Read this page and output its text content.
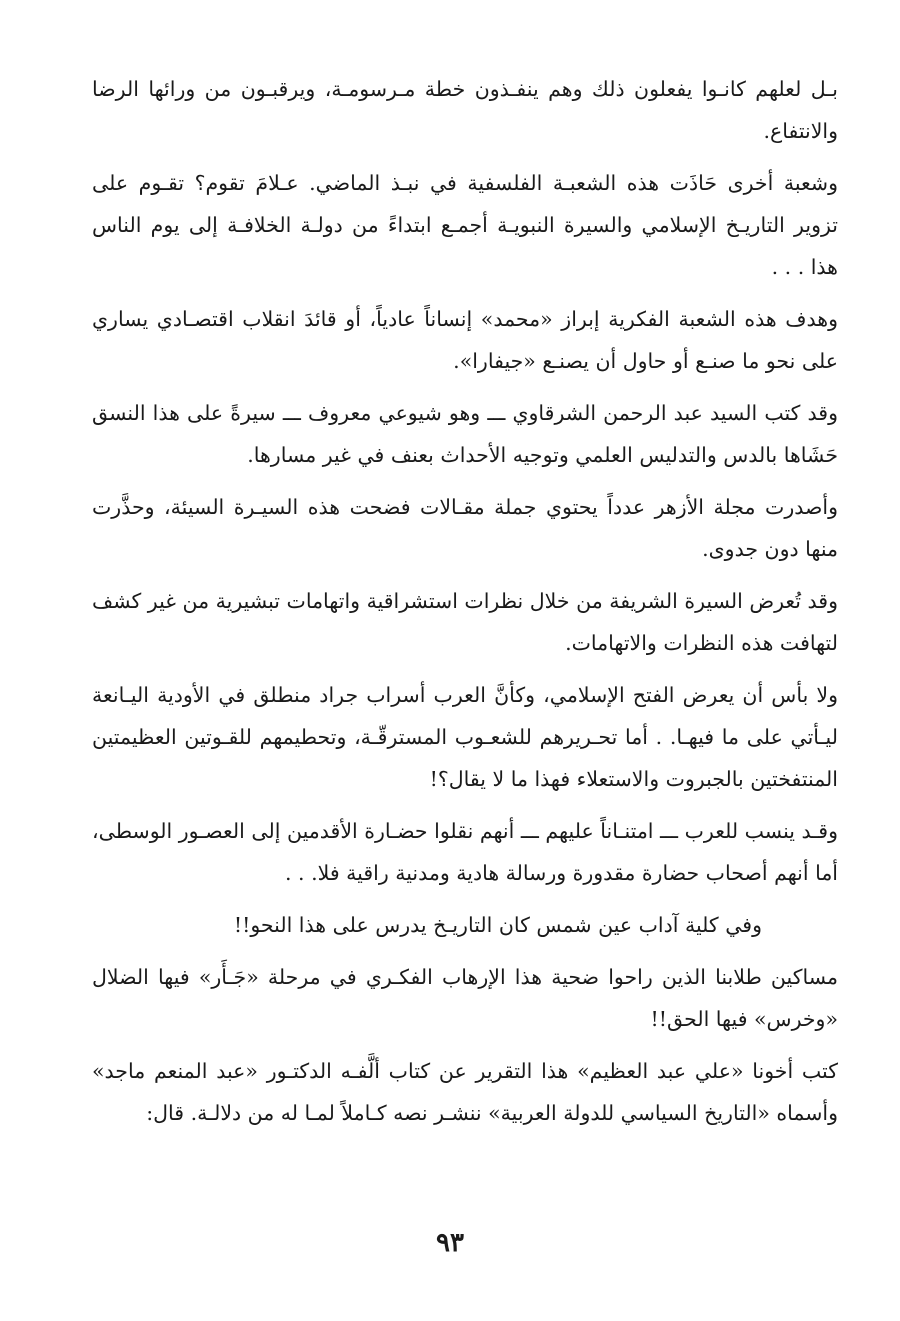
بـل لعلهم كانـوا يفعلون ذلك وهم ينفـذون خطة مـرسومـة، ويرقبـون من ورائها الرضا والانتفاع.

وشعبة أخرى حَاذَت هذه الشعبـة الفلسفية في نبـذ الماضي. عـلامَ تقوم؟ تقـوم على تزوير التاريـخ الإسلامي والسيرة النبويـة أجمـع ابتداءً من دولـة الخلافـة إلى يوم الناس هذا . . .

وهدف هذه الشعبة الفكرية إبراز «محمد» إنساناً عادياً، أو قائدَ انقلاب اقتصـادي يساري على نحو ما صنـع أو حاول أن يصنـع «جيفارا».

وقد كتب السيد عبد الرحمن الشرقاوي ـــ وهو شيوعي معروف ـــ سيرةً على هذا النسق حَشَاها بالدس والتدليس العلمي وتوجيه الأحداث بعنف في غير مسارها.

وأصدرت مجلة الأزهر عدداً يحتوي جملة مقـالات فضحت هذه السيـرة السيئة، وحذَّرت منها دون جدوى.

وقد تُعرض السيرة الشريفة من خلال نظرات استشراقية واتهامات تبشيرية من غير كشف لتهافت هذه النظرات والاتهامات.

ولا بأس أن يعرض الفتح الإسلامي، وكأنَّ العرب أسراب جراد منطلق في الأودية اليـانعة ليـأتي على ما فيهـا. . أما تحـريرهم للشعـوب المسترقّـة، وتحطيمهم للقـوتين العظيمتين المنتفختين بالجبروت والاستعلاء فهذا ما لا يقال؟!

وقـد ينسب للعرب ـــ امتنـاناً عليهم ـــ أنهم نقلوا حضـارة الأقدمين إلى العصـور الوسطى، أما أنهم أصحاب حضارة مقدورة ورسالة هادية ومدنية راقية فلا. . .

وفي كلية آداب عين شمس كان التاريـخ يدرس على هذا النحو!!

مساكين طلابنا الذين راحوا ضحية هذا الإرهاب الفكـري في مرحلة «جَـأَر» فيها الضلال «وخرس» فيها الحق!!

كتب أخونا «علي عبد العظيم» هذا التقرير عن كتاب ألَّفـه الدكتـور «عبد المنعم ماجد» وأسماه «التاريخ السياسي للدولة العربية» ننشـر نصه كـاملاً لمـا له من دلالـة. قال:

٩٣
